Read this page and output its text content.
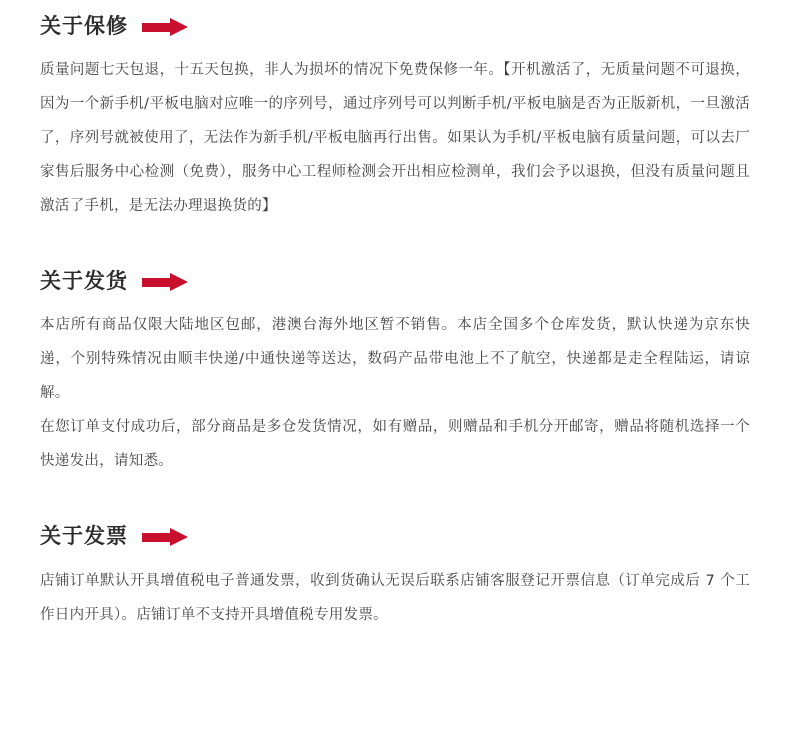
关于保修

质量问题七天包退，十五天包换，非人为损坏的情况下免费保修一年。【开机激活了，无质量问题不可退换，因为一个新手机/平板电脑对应唯一的序列号，通过序列号可以判断手机/平板电脑是否为正版新机，一旦激活了，序列号就被使用了，无法作为新手机/平板电脑再行出售。如果认为手机/平板电脑有质量问题，可以去厂家售后服务中心检测（免费），服务中心工程师检测会开出相应检测单，我们会予以退换，但没有质量问题且激活了手机，是无法办理退换货的】

关于发货

本店所有商品仅限大陆地区包邮，港澳台海外地区暂不销售。本店全国多个仓库发货，默认快递为京东快递，个别特殊情况由顺丰快递/中通快递等送达，数码产品带电池上不了航空，快递都是走全程陆运，请谅解。

在您订单支付成功后，部分商品是多仓发货情况，如有赠品，则赠品和手机分开邮寄，赠品将随机选择一个快递发出，请知悉。

关于发票

店铺订单默认开具增值税电子普通发票，收到货确认无误后联系店铺客服登记开票信息（订单完成后 7 个工作日内开具）。店铺订单不支持开具增值税专用发票。
